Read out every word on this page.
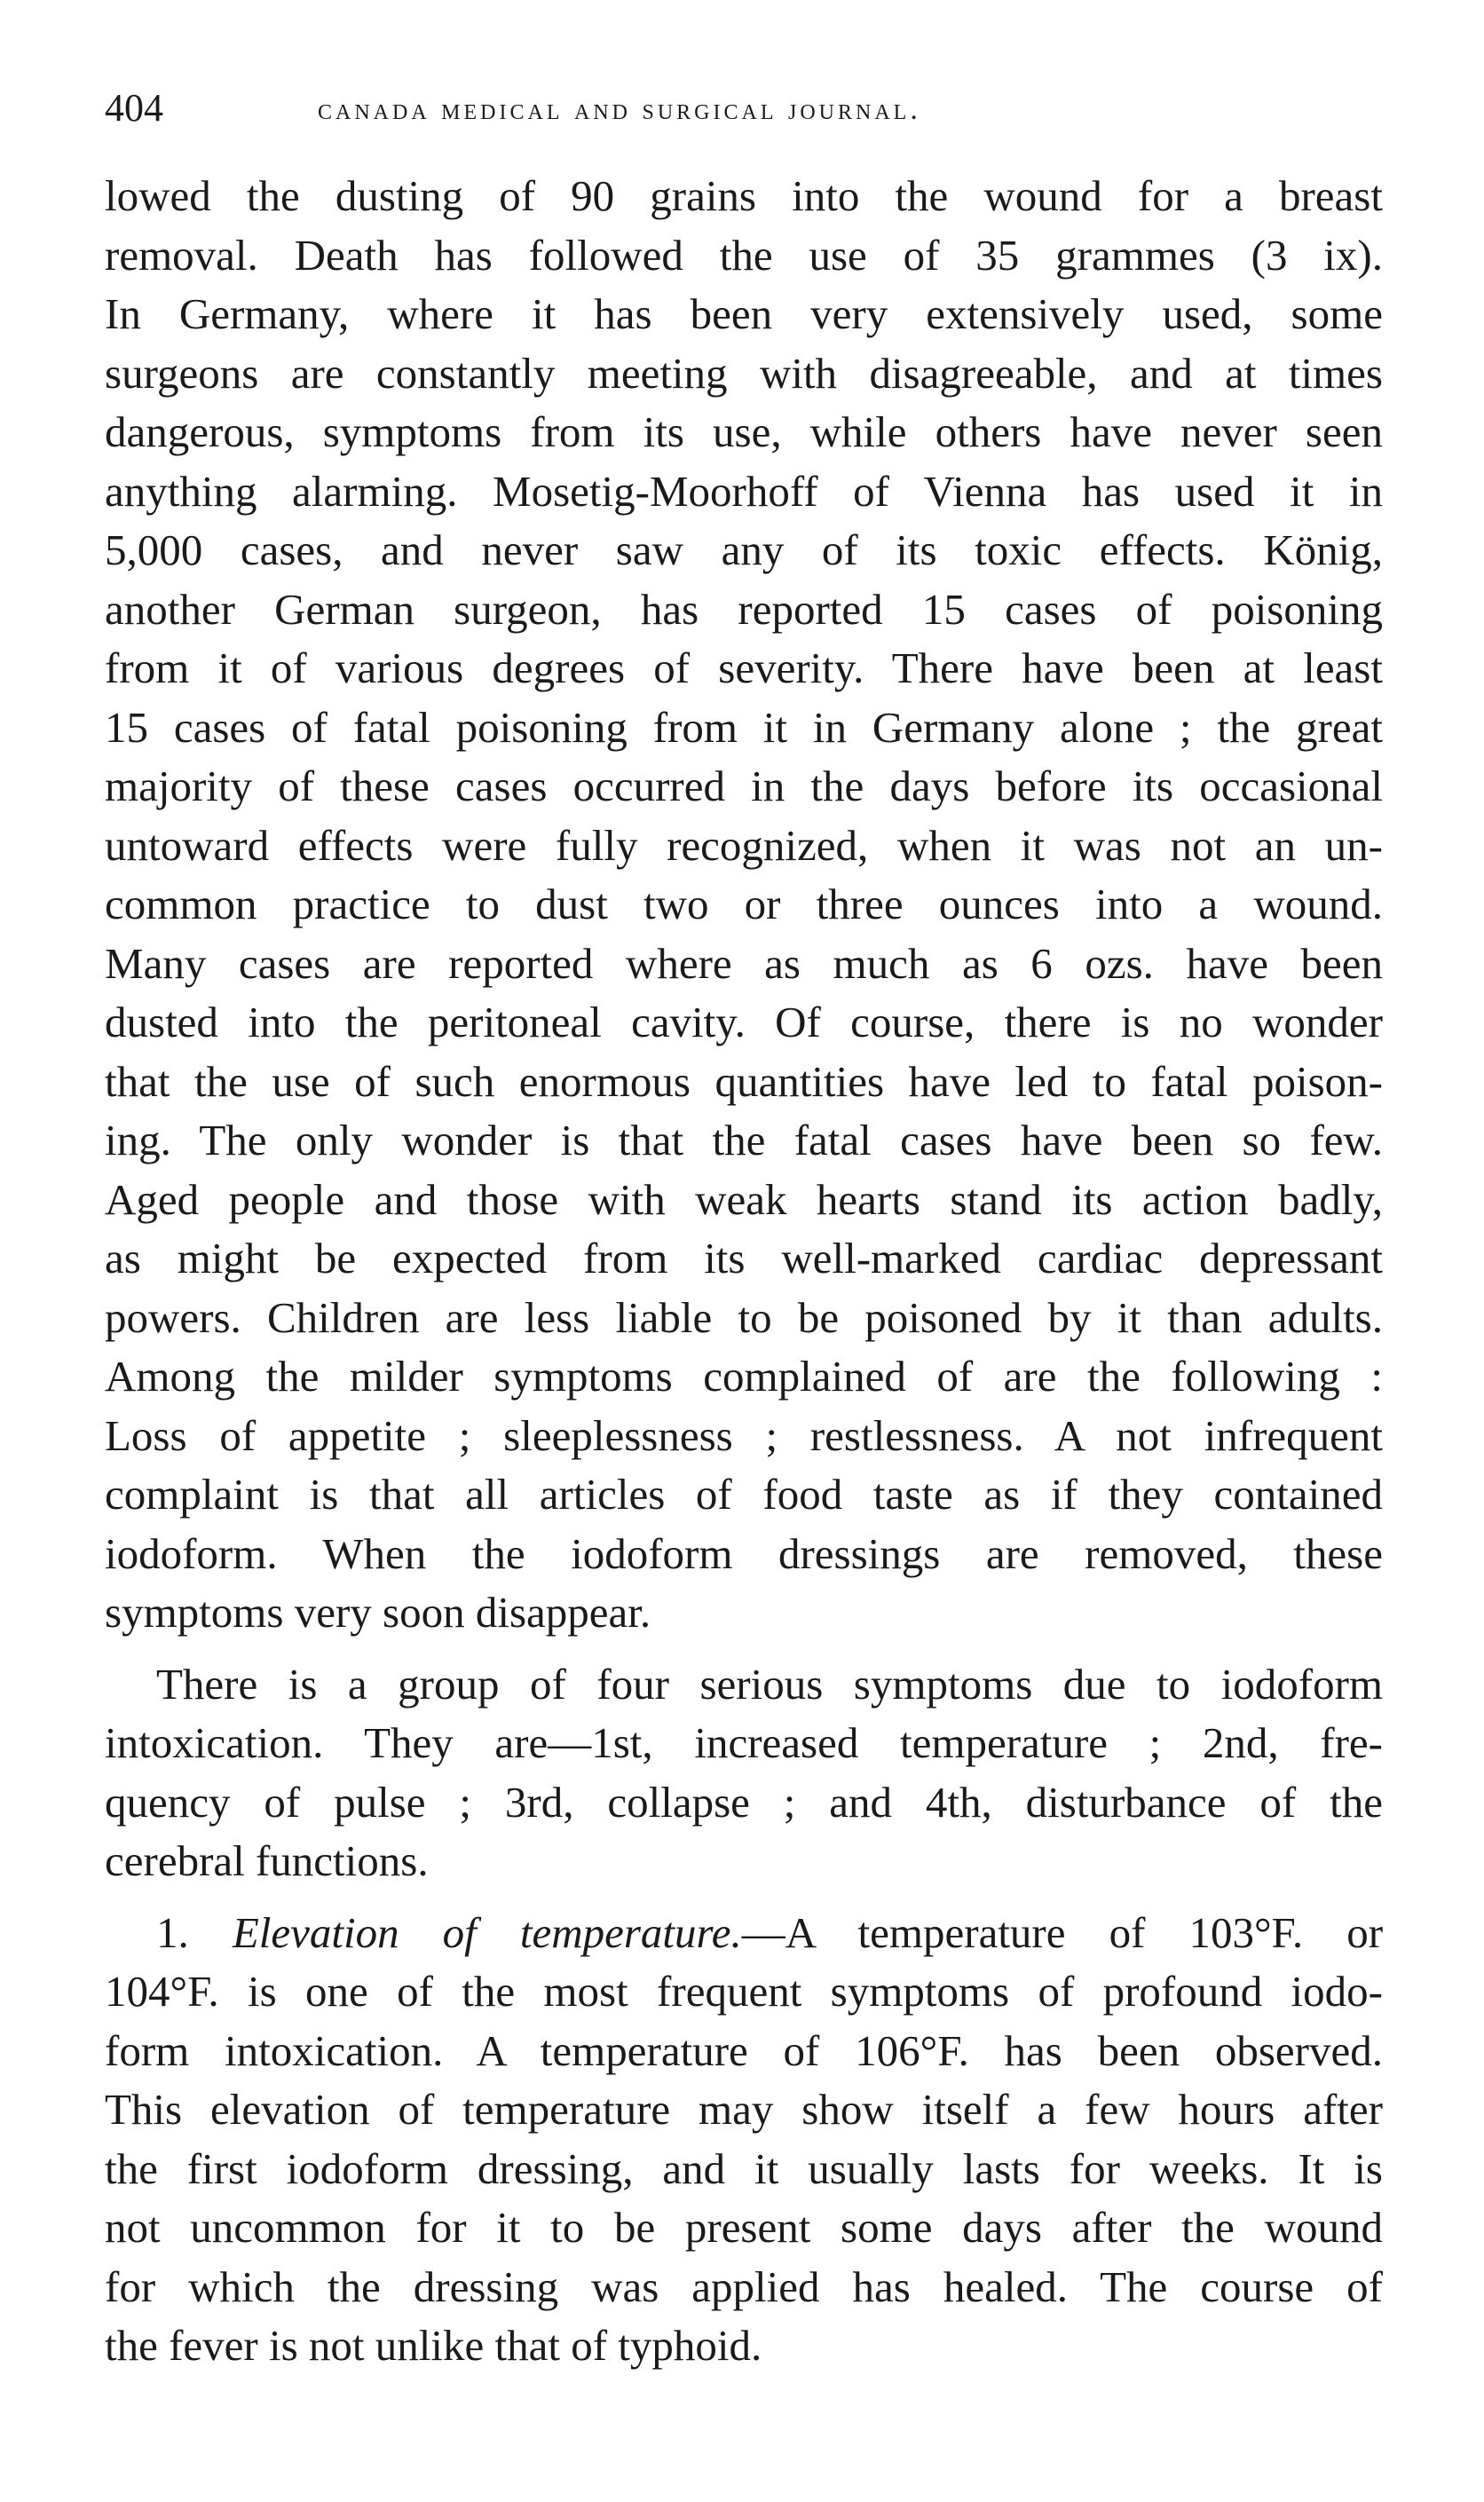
404	canada medical and surgical journal.
lowed the dusting of 90 grains into the wound for a breast
removal. Death has followed the use of 35 grammes (3 ix).
In Germany, where it has been very extensively used, some
surgeons are constantly meeting with disagreeable, and at times
dangerous, symptoms from its use, while others have never seen
anything alarming. Mosetig-Moorhoff of Vienna has used it in
5,000 cases, and never saw any of its toxic effects. König,
another German surgeon, has reported 15 cases of poisoning
from it of various degrees of severity. There have been at least
15 cases of fatal poisoning from it in Germany alone ; the great
majority of these cases occurred in the days before its occasional
untoward effects were fully recognized, when it was not an un-
common practice to dust two or three ounces into a wound.
Many cases are reported where as much as 6 ozs. have been
dusted into the peritoneal cavity. Of course, there is no wonder
that the use of such enormous quantities have led to fatal poison-
ing. The only wonder is that the fatal cases have been so few.
Aged people and those with weak hearts stand its action badly,
as might be expected from its well-marked cardiac depressant
powers. Children are less liable to be poisoned by it than adults.
Among the milder symptoms complained of are the following :
Loss of appetite ; sleeplessness ; restlessness. A not infrequent
complaint is that all articles of food taste as if they contained
iodoform. When the iodoform dressings are removed, these
symptoms very soon disappear.
There is a group of four serious symptoms due to iodoform
intoxication. They are—1st, increased temperature ; 2nd, fre-
quency of pulse ; 3rd, collapse ; and 4th, disturbance of the
cerebral functions.
1. Elevation of temperature.—A temperature of 103°F. or
104°F. is one of the most frequent symptoms of profound iodo-
form intoxication. A temperature of 106°F. has been observed.
This elevation of temperature may show itself a few hours after
the first iodoform dressing, and it usually lasts for weeks. It is
not uncommon for it to be present some days after the wound
for which the dressing was applied has healed. The course of
the fever is not unlike that of typhoid.
